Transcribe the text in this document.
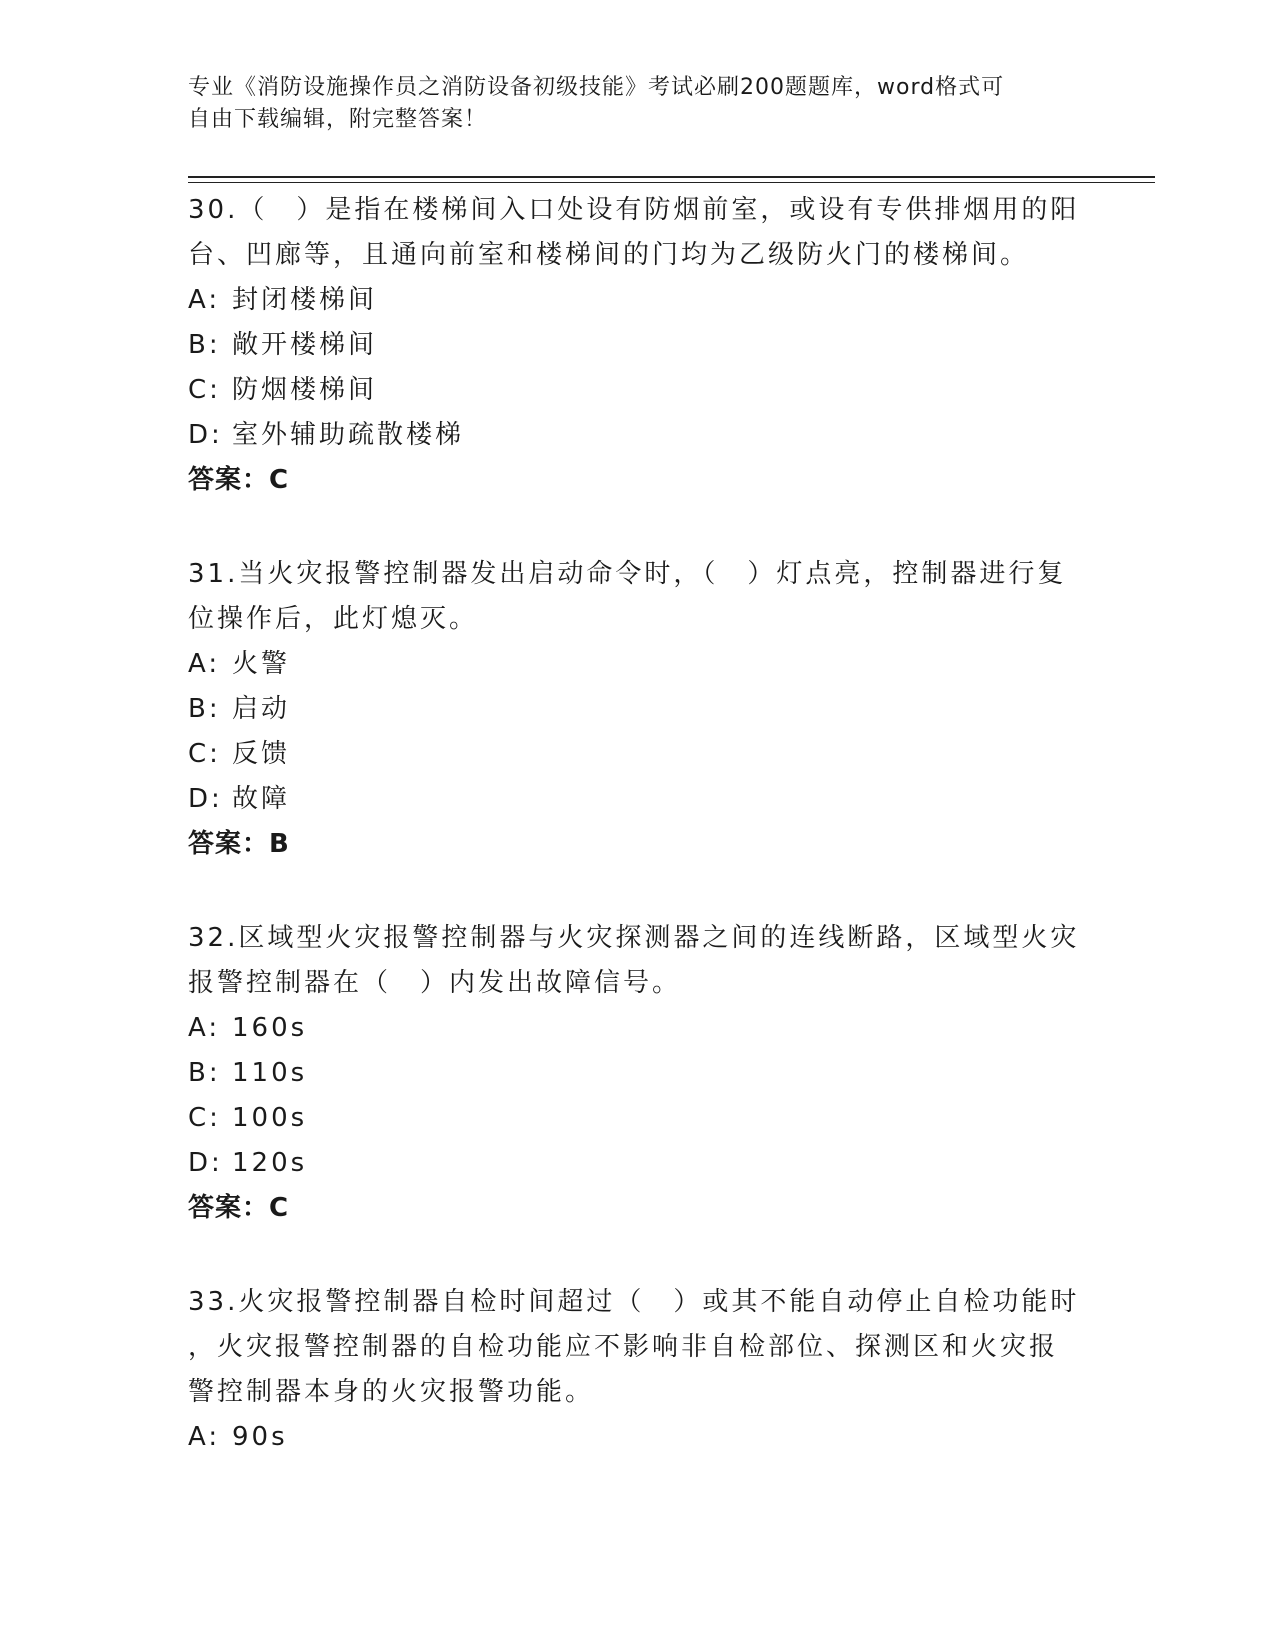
专业《消防设施操作员之消防设备初级技能》考试必刷200题题库，word格式可

自由下载编辑，附完整答案！

30.（　）是指在楼梯间入口处设有防烟前室，或设有专供排烟用的阳

台、凹廊等，且通向前室和楼梯间的门均为乙级防火门的楼梯间。

A: 封闭楼梯间

B: 敞开楼梯间

C: 防烟楼梯间

D: 室外辅助疏散楼梯

答案：C

31.当火灾报警控制器发出启动命令时，（　）灯点亮，控制器进行复

位操作后，此灯熄灭。

A: 火警

B: 启动

C: 反馈

D: 故障

答案：B

32.区域型火灾报警控制器与火灾探测器之间的连线断路，区域型火灾

报警控制器在（　）内发出故障信号。

A: 160s

B: 110s

C: 100s

D: 120s

答案：C

33.火灾报警控制器自检时间超过（　）或其不能自动停止自检功能时

，火灾报警控制器的自检功能应不影响非自检部位、探测区和火灾报

警控制器本身的火灾报警功能。

A: 90s
